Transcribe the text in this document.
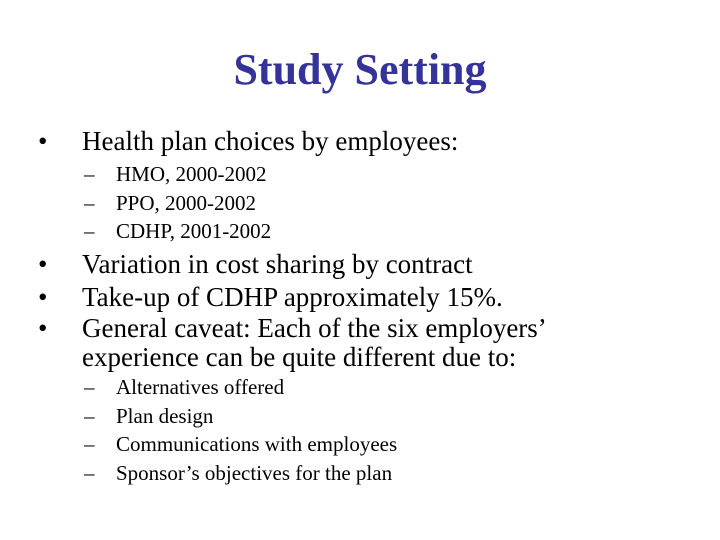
Study Setting
• Health plan choices by employees:
– HMO, 2000-2002
– PPO, 2000-2002
– CDHP, 2001-2002
• Variation in cost sharing by contract
• Take-up of CDHP approximately 15%.
• General caveat: Each of the six employers’
experience can be quite different due to:
– Alternatives offered
– Plan design
– Communications with employees
– Sponsor’s objectives for the plan
